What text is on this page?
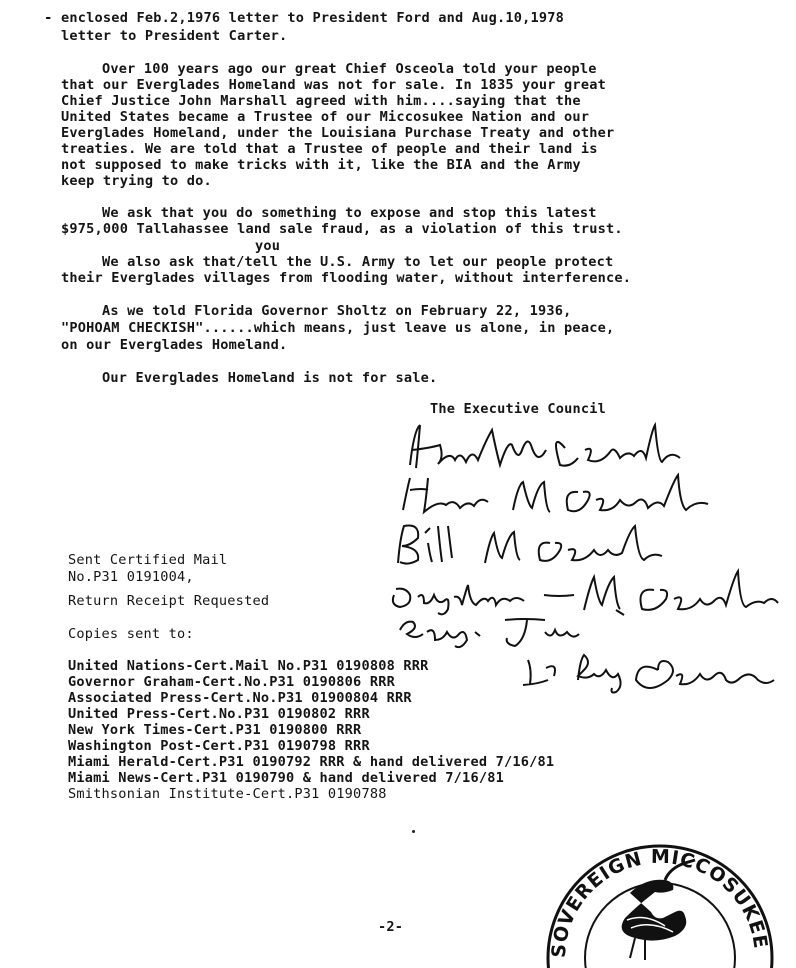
- enclosed Feb.2,1976 letter to President Ford and Aug.10,1978
letter to President Carter.
Over 100 years ago our great Chief Osceola told your people
that our Everglades Homeland was not for sale. In 1835 your great
Chief Justice John Marshall agreed with him....saying that the
United States became a Trustee of our Miccosukee Nation and our
Everglades Homeland, under the Louisiana Purchase Treaty and other
treaties. We are told that a Trustee of people and their land is
not supposed to make tricks with it, like the BIA and the Army
keep trying to do.
We ask that you do something to expose and stop this latest
$975,000 Tallahassee land sale fraud, as a violation of this trust.
you
We also ask that/tell the U.S. Army to let our people protect
their Everglades villages from flooding water, without interference.
As we told Florida Governor Sholtz on February 22, 1936,
"POHOAM CHECKISH"......which means, just leave us alone, in peace,
on our Everglades Homeland.
Our Everglades Homeland is not for sale.
The Executive Council
Sent Certified Mail
No.P31 0191004,
Return Receipt Requested
Copies sent to:
United Nations-Cert.Mail No.P31 0190808 RRR
Governor Graham-Cert.No.P31 0190806 RRR
Associated Press-Cert.No.P31 01900804 RRR
United Press-Cert.No.P31 0190802 RRR
New York Times-Cert.P31 0190800 RRR
Washington Post-Cert.P31 0190798 RRR
Miami Herald-Cert.P31 0190792 RRR & hand delivered 7/16/81
Miami News-Cert.P31 0190790 & hand delivered 7/16/81
Smithsonian Institute-Cert.P31 0190788
-2-
SOVEREIGN MICCOSUKEE SEMINOLE NATION
